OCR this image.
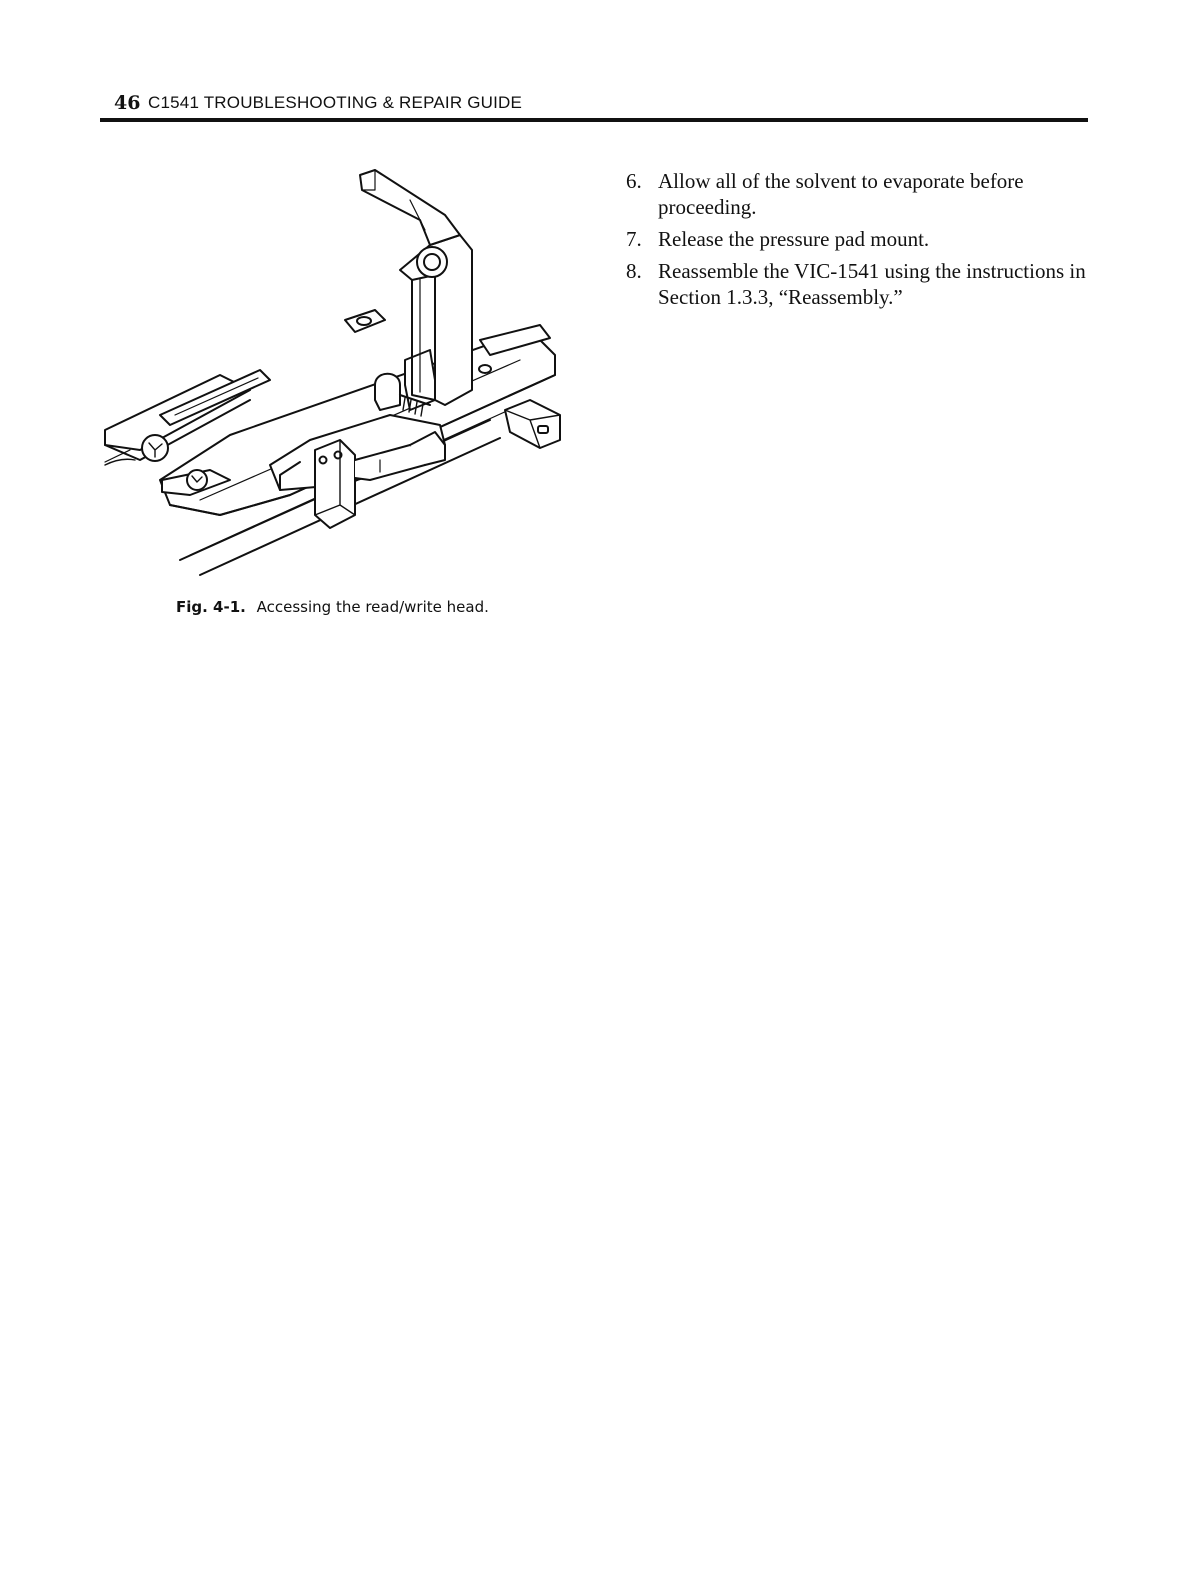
46 C1541 TROUBLESHOOTING & REPAIR GUIDE
Fig. 4-1. Accessing the read/write head.
6. Allow all of the solvent to evaporate before proceeding.
7. Release the pressure pad mount.
8. Reassemble the VIC-1541 using the instructions in Section 1.3.3, “Reassembly.”
